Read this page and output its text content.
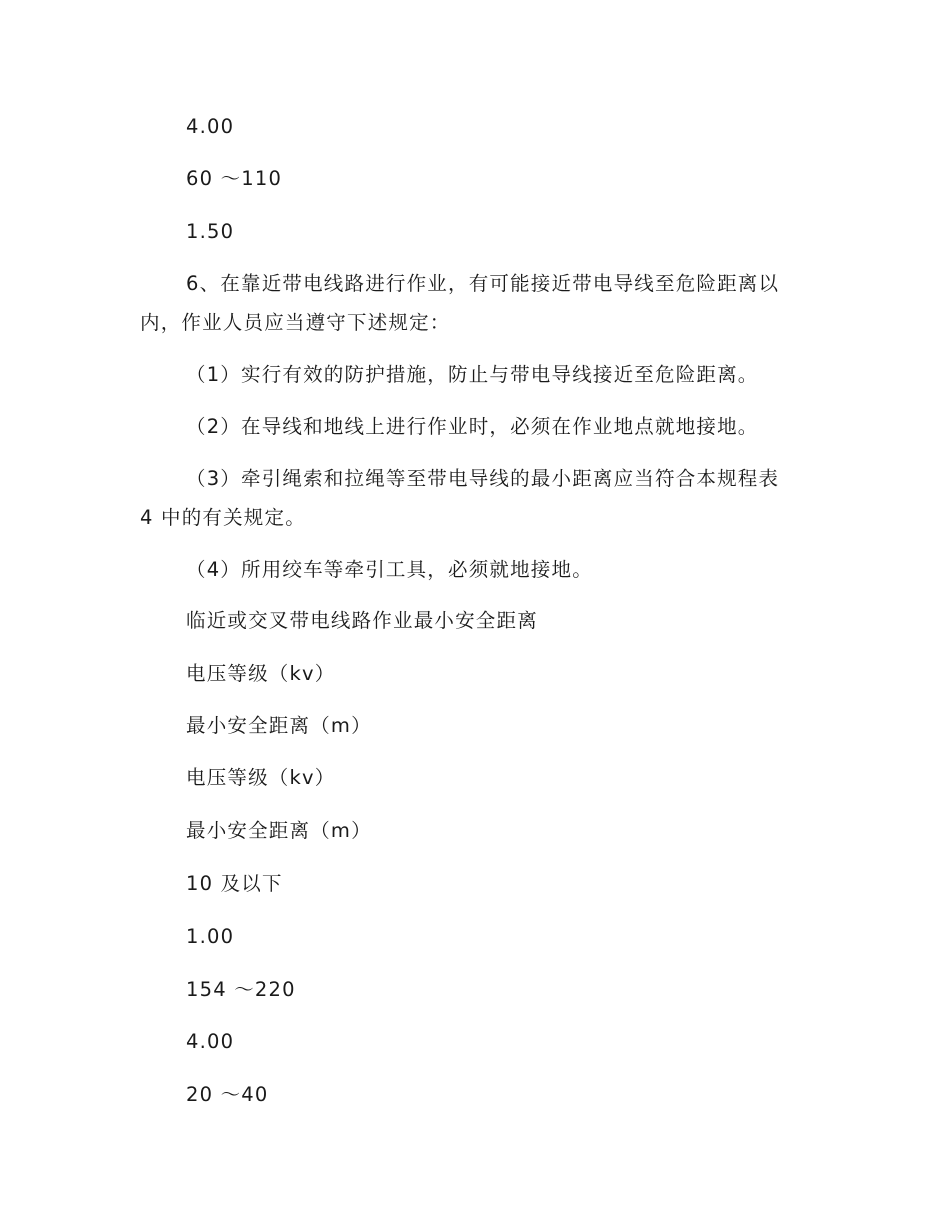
4.00
60 ～110
1.50
6、在靠近带电线路进行作业，有可能接近带电导线至危险距离以
内，作业人员应当遵守下述规定：
（1）实行有效的防护措施，防止与带电导线接近至危险距离。
（2）在导线和地线上进行作业时，必须在作业地点就地接地。
（3）牵引绳索和拉绳等至带电导线的最小距离应当符合本规程表
4 中的有关规定。
（4）所用绞车等牵引工具，必须就地接地。
临近或交叉带电线路作业最小安全距离
电压等级（kv）
最小安全距离（m）
电压等级（kv）
最小安全距离（m）
10 及以下
1.00
154 ～220
4.00
20 ～40
